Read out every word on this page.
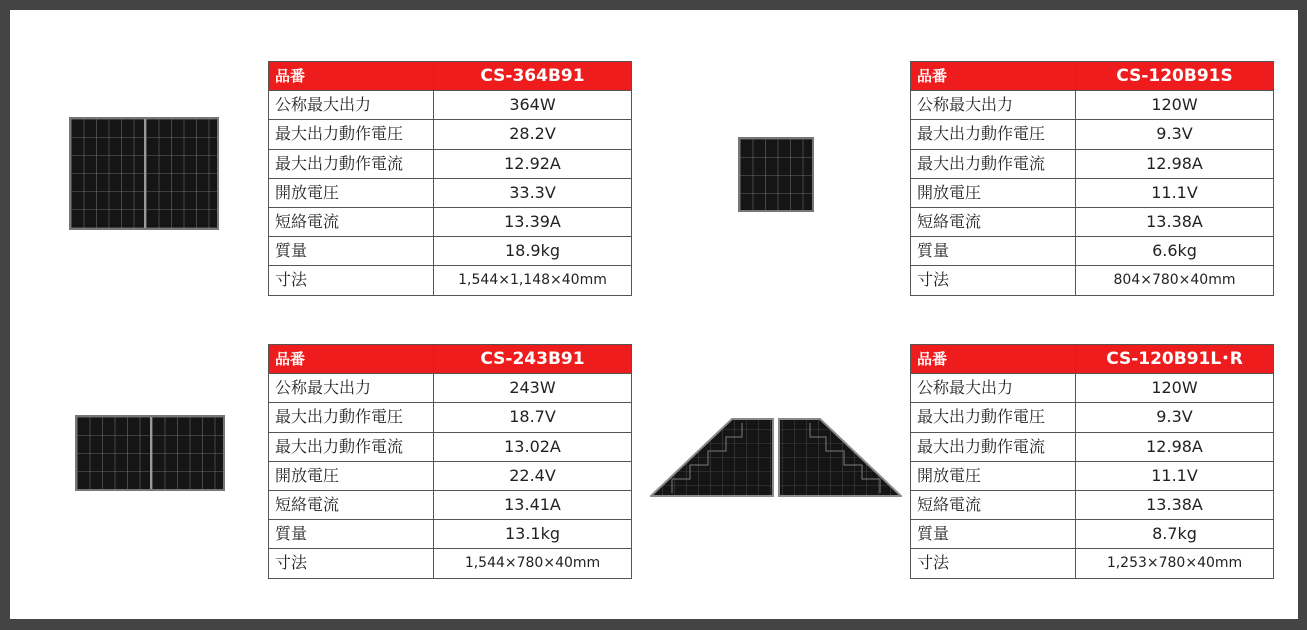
品番	CS-364B91
公称最大出力	364W
最大出力動作電圧	28.2V
最大出力動作電流	12.92A
開放電圧	33.3V
短絡電流	13.39A
質量	18.9kg
寸法	1,544×1,148×40mm
品番	CS-120B91S
公称最大出力	120W
最大出力動作電圧	9.3V
最大出力動作電流	12.98A
開放電圧	11.1V
短絡電流	13.38A
質量	6.6kg
寸法	804×780×40mm
品番	CS-243B91
公称最大出力	243W
最大出力動作電圧	18.7V
最大出力動作電流	13.02A
開放電圧	22.4V
短絡電流	13.41A
質量	13.1kg
寸法	1,544×780×40mm
品番	CS-120B91L･R
公称最大出力	120W
最大出力動作電圧	9.3V
最大出力動作電流	12.98A
開放電圧	11.1V
短絡電流	13.38A
質量	8.7kg
寸法	1,253×780×40mm
